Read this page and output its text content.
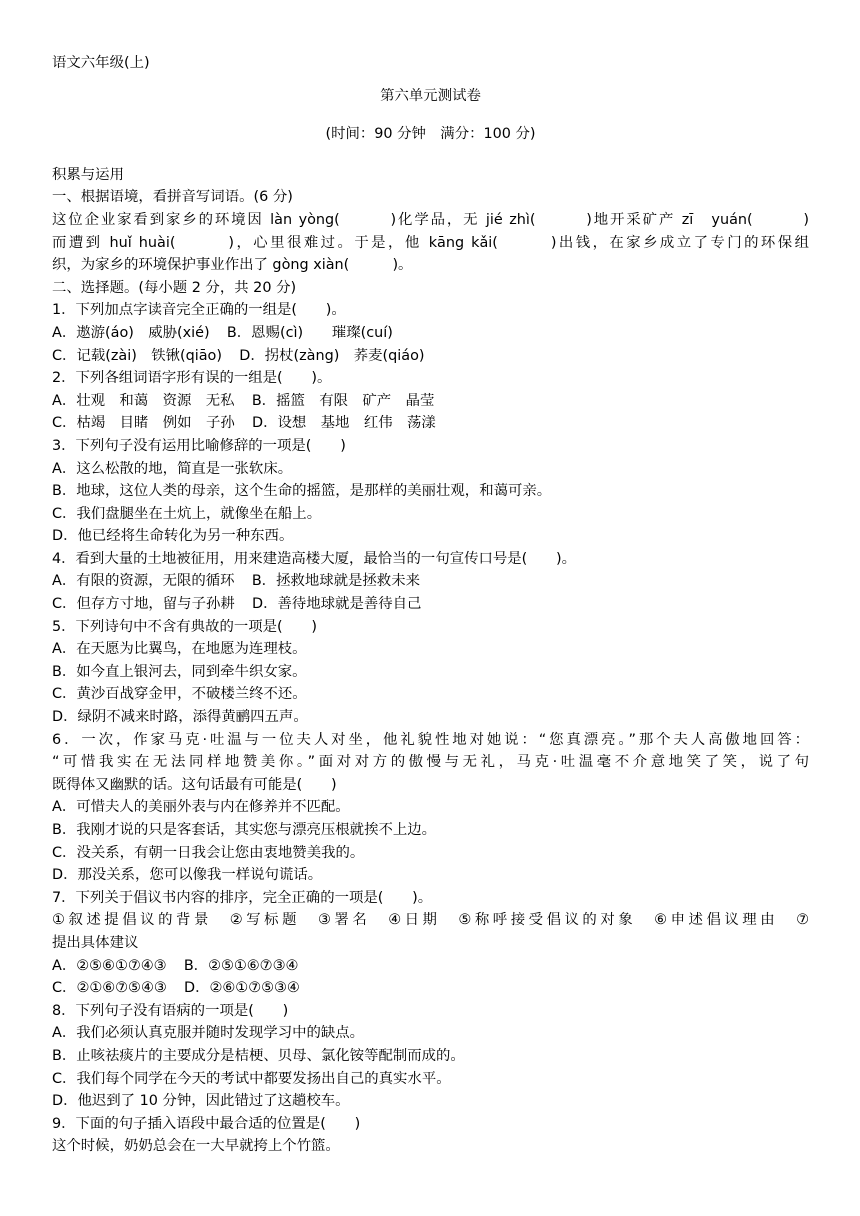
语文六年级(上)
第六单元测试卷
(时间：90 分钟　满分：100 分)
积累与运用
一、根据语境，看拼音写词语。(6 分)
这位企业家看到家乡的环境因 làn yòng(　　　)化学品，无 jié zhì(　　　)地开采矿产 zī　yuán(　　　)
而遭到 huǐ huài(　　　)，心里很难过。于是，他 kāng kǎi(　　　)出钱，在家乡成立了专门的环保组
织，为家乡的环境保护事业作出了 gòng xiàn(　　　)。
二、选择题。(每小题 2 分，共 20 分)
1．下列加点字读音完全正确的一组是(　　)。
A．遨游(áo)　威胁(xié) B．恩赐(cì)　　璀璨(cuí)
C．记载(zài)　铁锹(qiāo) D．拐杖(zàng)　荞麦(qiáo)
2．下列各组词语字形有误的一组是(　　)。
A．壮观　和蔼　资源　无私 B．摇篮　有限　矿产　晶莹
C．枯竭　目睹　例如　子孙 D．设想　基地　红伟　荡漾
3．下列句子没有运用比喻修辞的一项是(　　)
A．这么松散的地，简直是一张软床。
B．地球，这位人类的母亲，这个生命的摇篮，是那样的美丽壮观，和蔼可亲。
C．我们盘腿坐在土炕上，就像坐在船上。
D．他已经将生命转化为另一种东西。
4．看到大量的土地被征用，用来建造高楼大厦，最恰当的一句宣传口号是(　　)。
A．有限的资源，无限的循环 B．拯救地球就是拯救未来
C．但存方寸地，留与子孙耕 D．善待地球就是善待自己
5．下列诗句中不含有典故的一项是(　　)
A．在天愿为比翼鸟，在地愿为连理枝。
B．如今直上银河去，同到牵牛织女家。
C．黄沙百战穿金甲，不破楼兰终不还。
D．绿阴不减来时路，添得黄鹂四五声。
6．一次，作家马克·吐温与一位夫人对坐，他礼貌性地对她说：“您真漂亮。”那个夫人高傲地回答：
“可惜我实在无法同样地赞美你。”面对对方的傲慢与无礼，马克·吐温毫不介意地笑了笑，说了句
既得体又幽默的话。这句话最有可能是(　　)
A．可惜夫人的美丽外表与内在修养并不匹配。
B．我刚才说的只是客套话，其实您与漂亮压根就挨不上边。
C．没关系，有朝一日我会让您由衷地赞美我的。
D．那没关系，您可以像我一样说句谎话。
7．下列关于倡议书内容的排序，完全正确的一项是(　　)。
①叙述提倡议的背景　②写标题　③署名　④日期　⑤称呼接受倡议的对象　⑥申述倡议理由　⑦
提出具体建议
A．②⑤⑥①⑦④③ B．②⑤①⑥⑦③④
C．②①⑥⑦⑤④③ D．②⑥①⑦⑤③④
8．下列句子没有语病的一项是(　　)
A．我们必须认真克服并随时发现学习中的缺点。
B．止咳祛痰片的主要成分是桔梗、贝母、氯化铵等配制而成的。
C．我们每个同学在今天的考试中都要发扬出自己的真实水平。
D．他迟到了 10 分钟，因此错过了这趟校车。
9．下面的句子插入语段中最合适的位置是(　　)
这个时候，奶奶总会在一大早就挎上个竹篮。
